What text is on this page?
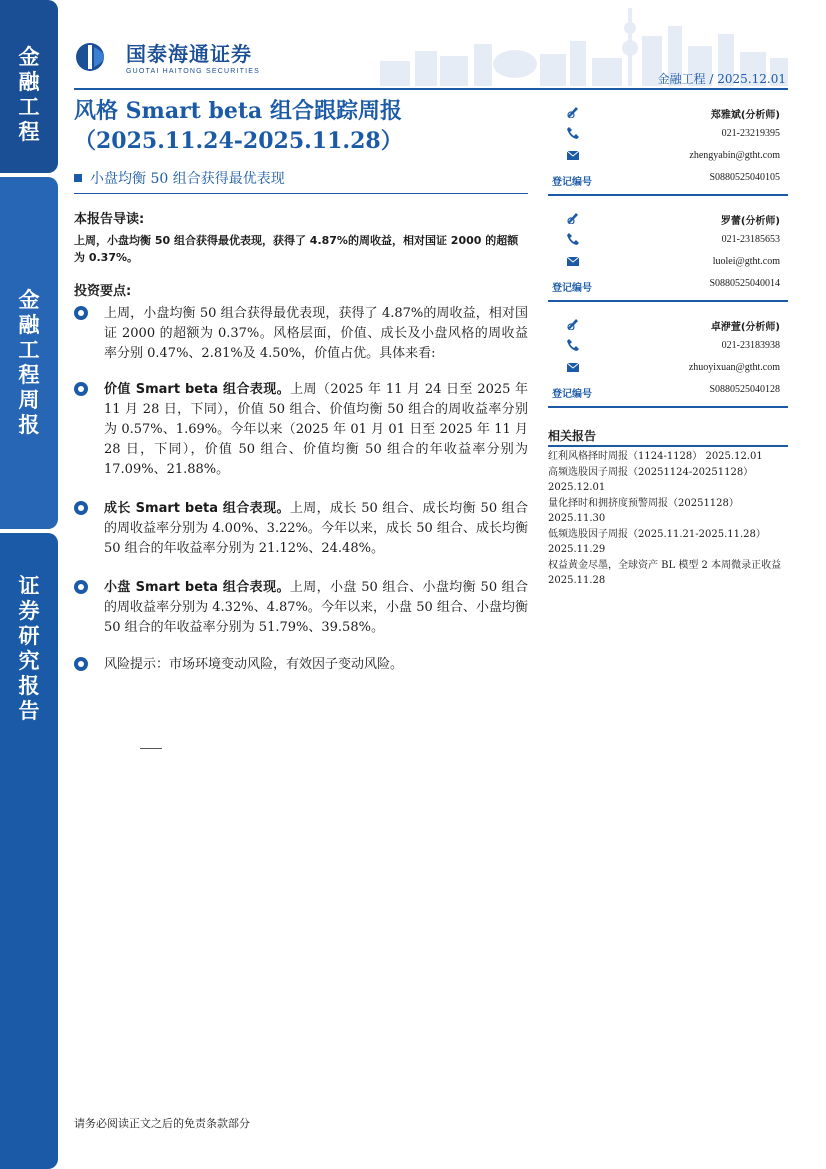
金
融
工
程
金
融
工
程
周
报
证
券
研
究
报
告
国泰海通证券
GUOTAI HAITONG SECURITIES
金融工程 / 2025.12.01
风格 Smart beta 组合跟踪周报
（2025.11.24-2025.11.28）
小盘均衡 50 组合获得最优表现
本报告导读:
上周，小盘均衡 50 组合获得最优表现，获得了 4.87%的周收益，相对国证 2000 的超额为 0.37%。
投资要点:
上周，小盘均衡 50 组合获得最优表现，获得了 4.87%的周收益，相对国证 2000 的超额为 0.37%。风格层面，价值、成长及小盘风格的周收益率分别 0.47%、2.81%及 4.50%，价值占优。具体来看:
价值 Smart beta 组合表现。上周（2025 年 11 月 24 日至 2025 年 11 月 28 日，下同），价值 50 组合、价值均衡 50 组合的周收益率分别为 0.57%、1.69%。今年以来（2025 年 01 月 01 日至 2025 年 11 月 28 日，下同），价值 50 组合、价值均衡 50 组合的年收益率分别为 17.09%、21.88%。
成长 Smart beta 组合表现。上周，成长 50 组合、成长均衡 50 组合的周收益率分别为 4.00%、3.22%。今年以来，成长 50 组合、成长均衡 50 组合的年收益率分别为 21.12%、24.48%。
小盘 Smart beta 组合表现。上周，小盘 50 组合、小盘均衡 50 组合的周收益率分别为 4.32%、4.87%。今年以来，小盘 50 组合、小盘均衡 50 组合的年收益率分别为 51.79%、39.58%。
风险提示：市场环境变动风险，有效因子变动风险。
郑雅斌(分析师)
021-23219395
zhengyabin@gtht.com
登记编号	S0880525040105
罗蕾(分析师)
021-23185653
luolei@gtht.com
登记编号	S0880525040014
卓洢萱(分析师)
021-23183938
zhuoyixuan@gtht.com
登记编号	S0880525040128
相关报告
红利风格择时周报（1124-1128） 2025.12.01
高频选股因子周报（20251124-20251128） 2025.12.01
量化择时和拥挤度预警周报（20251128） 2025.11.30
低频选股因子周报（2025.11.21-2025.11.28） 2025.11.29
权益黄金尽墨，全球资产 BL 模型 2 本周微录正收益 2025.11.28
请务必阅读正文之后的免责条款部分
